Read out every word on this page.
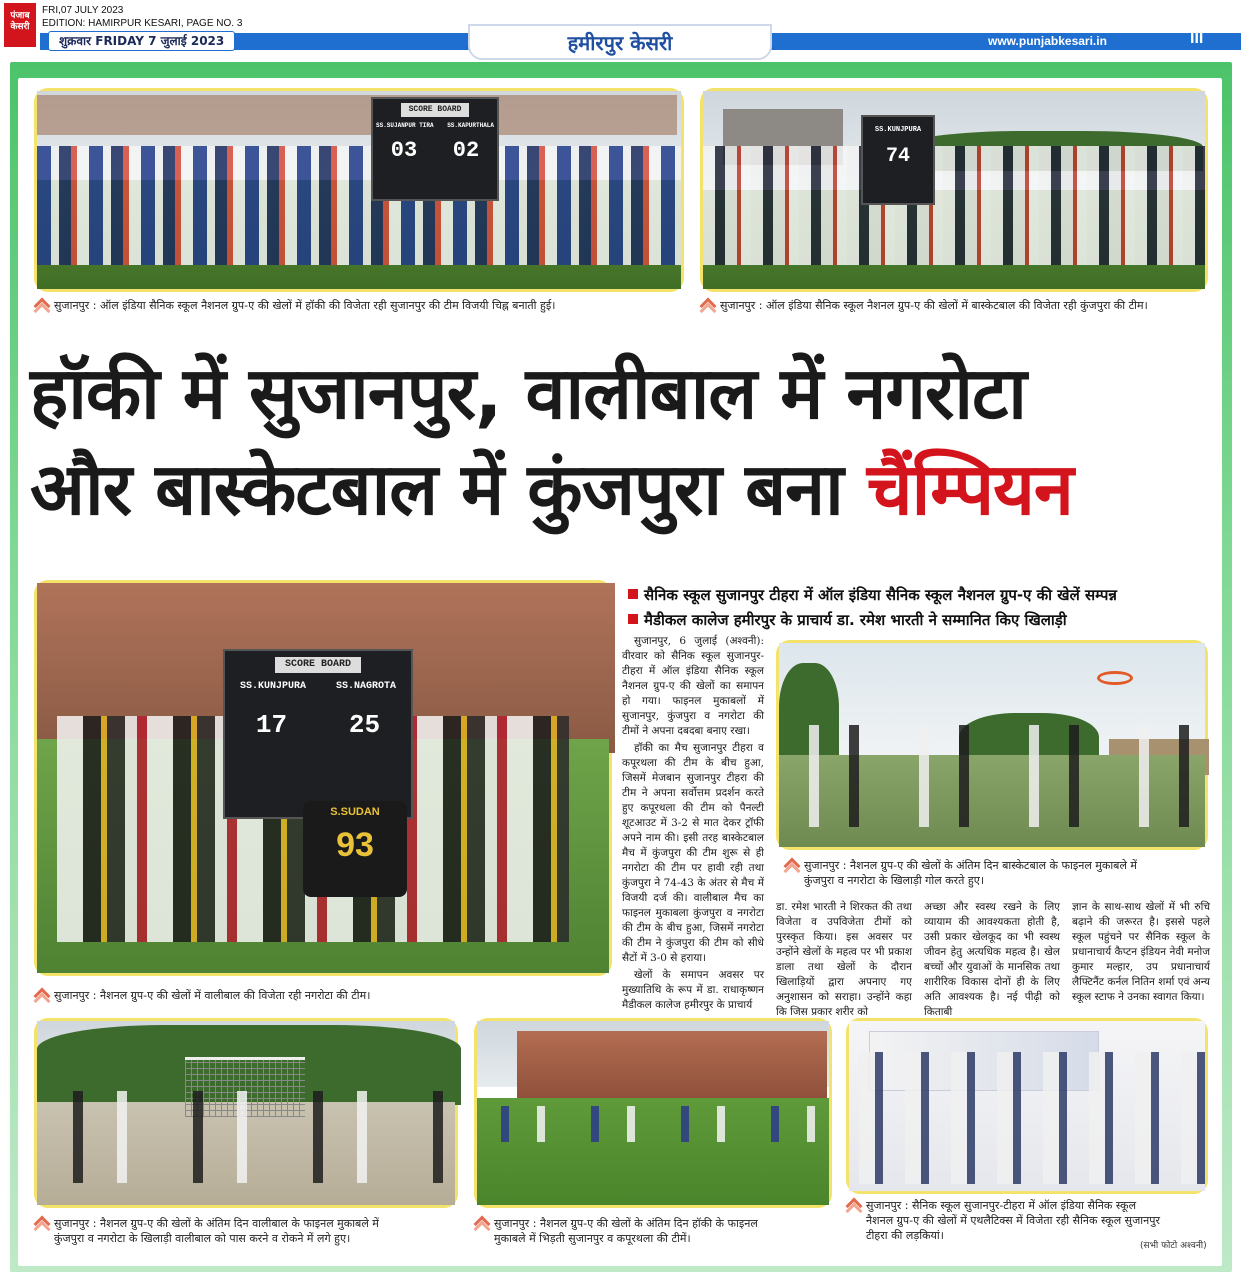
पंजाब केसरी
FRI,07 JULY 2023
EDITION: HAMIRPUR KESARI, PAGE NO. 3
शुक्रवार FRIDAY 7 जुलाई 2023	हमीरपुर केसरी	www.punjabkesari.in	III
SCORE BOARD
SS.SUJANPUR TIRA SS.KAPURTHALA
03 02
सुजानपुर : ऑल इंडिया सैनिक स्कूल नैशनल ग्रुप-ए की खेलों में हॉकी की विजेता रही सुजानपुर की टीम विजयी चिह्न बनाती हुई।
SS.KUNJPURA
74
सुजानपुर : ऑल इंडिया सैनिक स्कूल नैशनल ग्रुप-ए की खेलों में बास्केटबाल की विजेता रही कुंजपुरा की टीम।
हॉकी में सुजानपुर, वालीबाल में नगरोटा
और बास्केटबाल में कुंजपुरा बना चैंम्पियन
SCORE BOARD
SS.KUNJPURA	SS.NAGROTA
17 25
S.SUDAN
93
सुजानपुर : नैशनल ग्रुप-ए की खेलों में वालीबाल की विजेता रही नगरोटा की टीम।
सैनिक स्कूल सुजानपुर टीहरा में ऑल इंडिया सैनिक स्कूल नैशनल ग्रुप-ए की खेलें सम्पन्न
मैडीकल कालेज हमीरपुर के प्राचार्य डा. रमेश भारती ने सम्मानित किए खिलाड़ी

सुजानपुर, 6 जुलाई (अश्वनी): वीरवार को सैनिक स्कूल सुजानपुर-टीहरा में ऑल इंडिया सैनिक स्कूल नैशनल ग्रुप-ए की खेलों का समापन हो गया। फाइनल मुकाबलों में सुजानपुर, कुंजपुरा व नगरोटा की टीमों ने अपना दबदबा बनाए रखा।

हॉकी का मैच सुजानपुर टीहरा व कपूरथला की टीम के बीच हुआ, जिसमें मेजबान सुजानपुर टीहरा की टीम ने अपना सर्वोत्तम प्रदर्शन करते हुए कपूरथला की टीम को पैनल्टी शूटआउट में 3-2 से मात देकर ट्रॉफी अपने नाम की। इसी तरह बास्केटबाल मैच में कुंजपुरा की टीम शुरू से ही नगरोटा की टीम पर हावी रही तथा कुंजपुरा ने 74-43 के अंतर से मैच में विजयी दर्ज की। वालीबाल मैच का फाइनल मुकाबला कुंजपुरा व नगरोटा की टीम के बीच हुआ, जिसमें नगरोटा की टीम ने कुंजपुरा की टीम को सीधे सैटों में 3-0 से हराया।

खेलों के समापन अवसर पर मुख्यातिथि के रूप में डा. राधाकृष्णन मैडीकल कालेज हमीरपुर के प्राचार्य

सुजानपुर : नैशनल ग्रुप-ए की खेलों के अंतिम दिन बास्केटबाल के फाइनल मुकाबले में
कुंजपुरा व नगरोटा के खिलाड़ी गोल करते हुए।

डा. रमेश भारती ने शिरकत की तथा विजेता व उपविजेता टीमों को पुरस्कृत किया। इस अवसर पर उन्होंने खेलों के महत्व पर भी प्रकाश डाला तथा खेलों के दौरान खिलाड़ियों द्वारा अपनाए गए अनुशासन को सराहा। उन्होंने कहा कि जिस प्रकार शरीर को

अच्छा और स्वस्थ रखने के लिए व्यायाम की आवश्यकता होती है, उसी प्रकार खेलकूद का भी स्वस्थ जीवन हेतु अत्यधिक महत्व है। खेल बच्चों और युवाओं के मानसिक तथा शारीरिक विकास दोनों ही के लिए अति आवश्यक है। नई पीढ़ी को किताबी

ज्ञान के साथ-साथ खेलों में भी रुचि बढ़ाने की जरूरत है। इससे पहले स्कूल पहुंचने पर सैनिक स्कूल के प्रधानाचार्य कैप्टन इंडियन नेवी मनोज कुमार मल्हार, उप प्रधानाचार्य लैफ्टिनैंट कर्नल नितिन शर्मा एवं अन्य स्कूल स्टाफ ने उनका स्वागत किया।

सुजानपुर : नैशनल ग्रुप-ए की खेलों के अंतिम दिन वालीबाल के फाइनल मुकाबले में
कुंजपुरा व नगरोटा के खिलाड़ी वालीबाल को पास करने व रोकने में लगे हुए।
सुजानपुर : नैशनल ग्रुप-ए की खेलों के अंतिम दिन हॉकी के फाइनल
मुकाबले में भिड़ती सुजानपुर व कपूरथला की टीमें।
सुजानपुर : सैनिक स्कूल सुजानपुर-टीहरा में ऑल इंडिया सैनिक स्कूल
नैशनल ग्रुप-ए की खेलों में एथलैटिक्स में विजेता रही सैनिक स्कूल सुजानपुर
टीहरा की लड़कियां।
(सभी फोटो अश्वनी)
